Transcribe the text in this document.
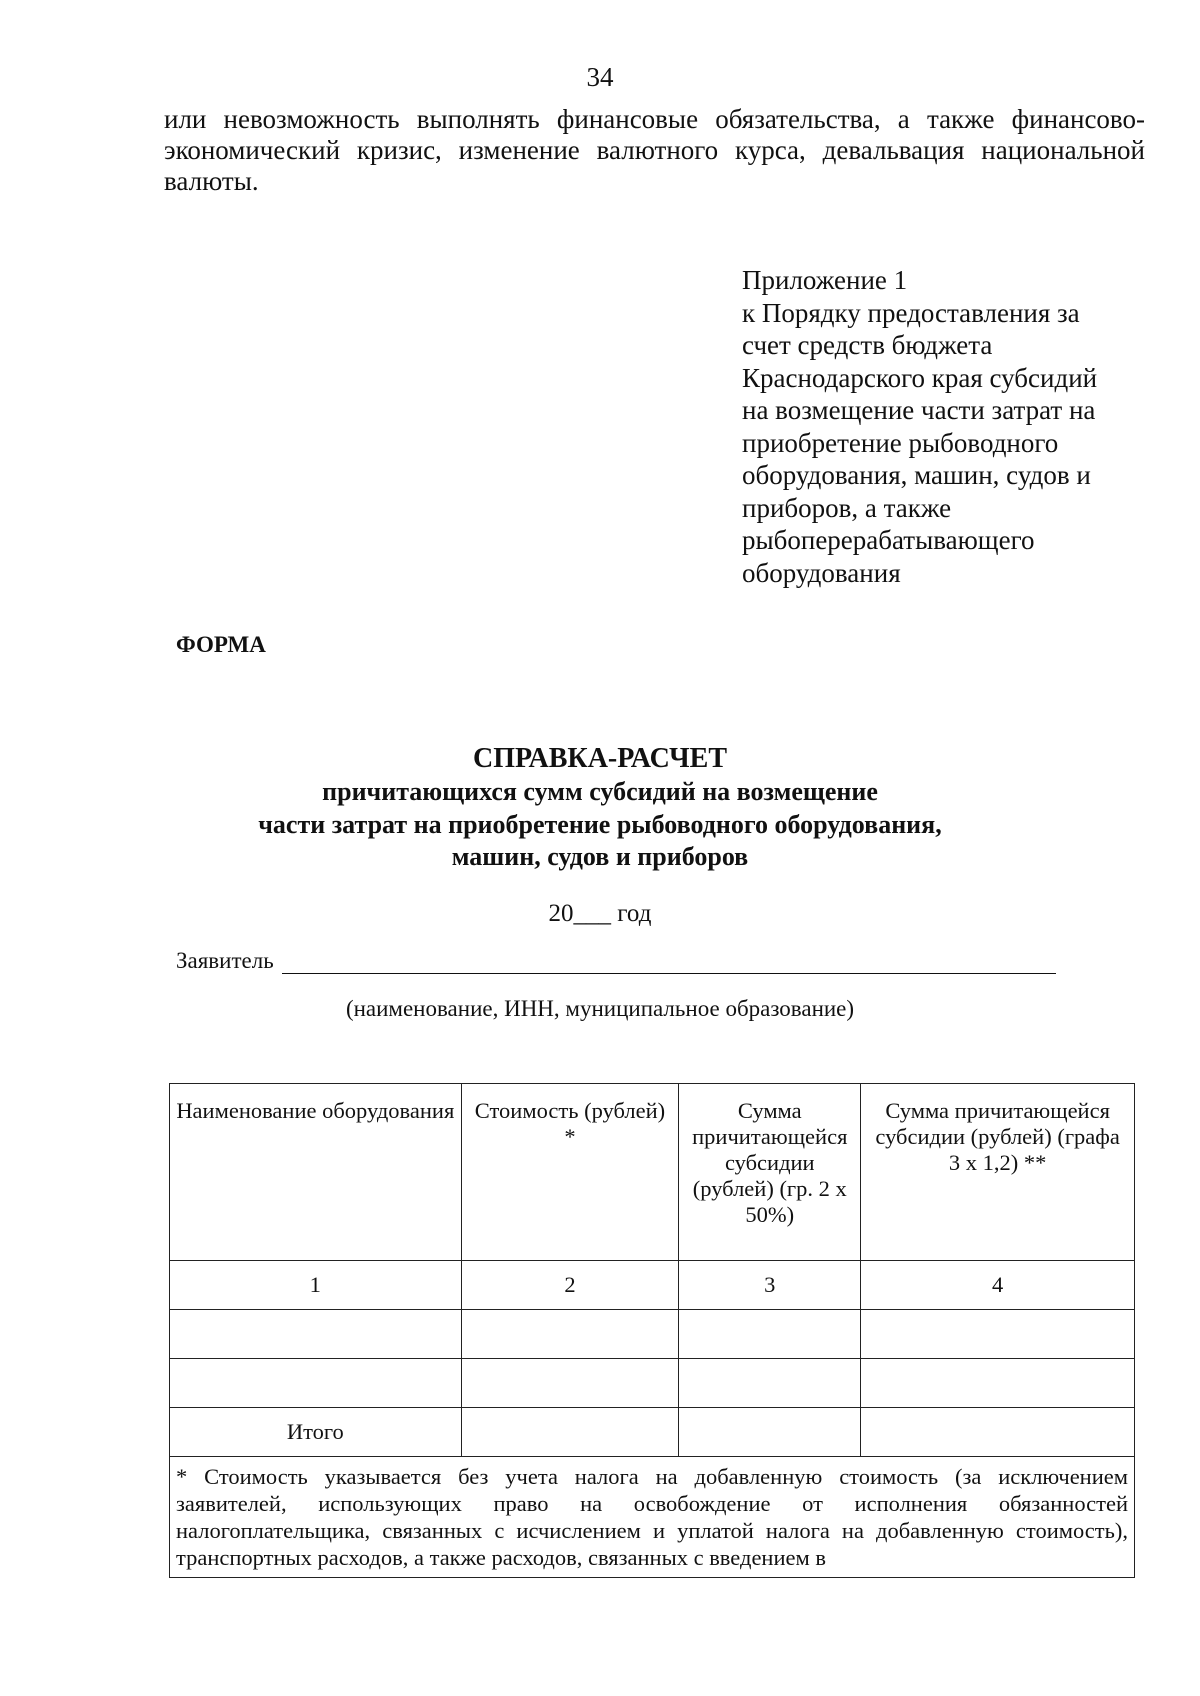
34
или невозможность выполнять финансовые обязательства, а также финансово-экономический кризис, изменение валютного курса, девальвация национальной валюты.
Приложение 1
к Порядку предоставления за
счет средств бюджета
Краснодарского края субсидий
на возмещение части затрат на
приобретение рыбоводного
оборудования, машин, судов и
приборов, а также
рыбоперерабатывающего
оборудования
ФОРМА
СПРАВКА-РАСЧЕТ
причитающихся сумм субсидий на возмещение
части затрат на приобретение рыбоводного оборудования,
машин, судов и приборов
20___ год
Заявитель
(наименование, ИНН, муниципальное образование)
Наименование оборудования	Стоимость (рублей) *	Сумма причитающейся субсидии (рублей) (гр. 2 х 50%)	Сумма причитающейся субсидии (рублей) (графа 3 х 1,2) **
1	2	3	4

Итого			
* Стоимость указывается без учета налога на добавленную стоимость (за исключением заявителей, использующих право на освобождение от исполнения обязанностей налогоплательщика, связанных с исчислением и уплатой налога на добавленную стоимость), транспортных расходов, а также расходов, связанных с введением в			
